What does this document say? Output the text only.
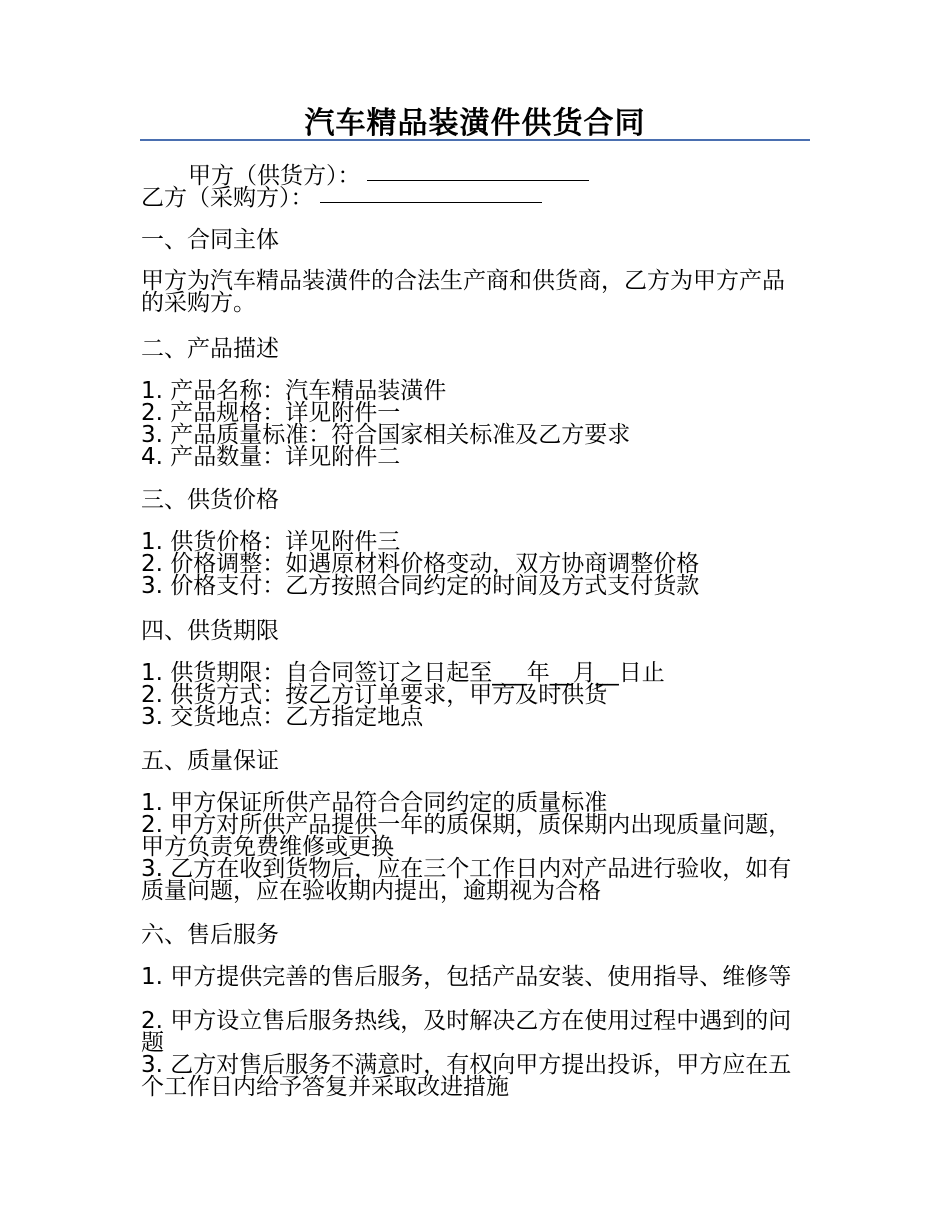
汽车精品装潢件供货合同
甲方（供货方）：
乙方（采购方）：
一、合同主体
甲方为汽车精品装潢件的合法生产商和供货商，乙方为甲方产品的采购方。
二、产品描述
1. 产品名称：汽车精品装潢件
2. 产品规格：详见附件一
3. 产品质量标准：符合国家相关标准及乙方要求
4. 产品数量：详见附件二
三、供货价格
1. 供货价格：详见附件三
2. 价格调整：如遇原材料价格变动，双方协商调整价格
3. 价格支付：乙方按照合同约定的时间及方式支付货款
四、供货期限
1. 供货期限：自合同签订之日起至___年__月__日止
2. 供货方式：按乙方订单要求，甲方及时供货
3. 交货地点：乙方指定地点
五、质量保证
1. 甲方保证所供产品符合合同约定的质量标准
2. 甲方对所供产品提供一年的质保期，质保期内出现质量问题，甲方负责免费维修或更换
3. 乙方在收到货物后，应在三个工作日内对产品进行验收，如有质量问题，应在验收期内提出，逾期视为合格
六、售后服务
1. 甲方提供完善的售后服务，包括产品安装、使用指导、维修等
2. 甲方设立售后服务热线，及时解决乙方在使用过程中遇到的问题
3. 乙方对售后服务不满意时，有权向甲方提出投诉，甲方应在五个工作日内给予答复并采取改进措施
